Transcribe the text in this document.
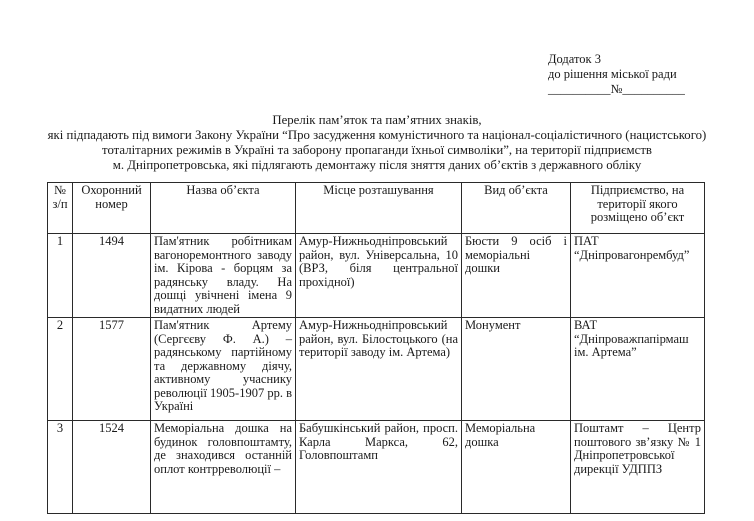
Додаток 3
до рішення міської ради
__________№__________
Перелік пам’яток та пам’ятних знаків,
які підпадають під вимоги Закону України “Про засудження комуністичного та націонал-соціалістичного (нацистського)
тоталітарних режимів в Україні та заборону пропаганди їхньої символіки”, на території підприємств
м. Дніпропетровська, які підлягають демонтажу після зняття даних об’єктів з державного обліку
№ з/п	Охоронний номер	Назва об’єкта	Місце розташування	Вид об’єкта	Підприємство, на території якого розміщено об’єкт
1	1494	Пам'ятник робітникам вагоноремонтного заводу ім. Кірова - борцям за радянську владу. На дошці увічнені імена 9 видатних людей	Амур-Нижньодніпровський район, вул. Універсальна, 10 (ВРЗ, біля центральної прохідної)	Бюсти 9 осіб і меморіальні дошки	ПАТ “Дніпровагонрембуд”
2	1577	Пам'ятник Артему (Сергєєву Ф. А.) – радянському партійному та державному діячу, активному учаснику революції 1905-1907 рр. в Україні	Амур-Нижньодніпровський район, вул. Білостоцького (на території заводу ім. Артема)	Монумент	ВАТ “Дніпроважпапірмаш ім. Артема”
3	1524	Меморіальна дошка на будинок головпоштамту, де знаходився останній оплот контрреволюції –	Бабушкінський район, просп. Карла Маркса, 62, Головпоштамп	Меморіальна дошка	Поштамт – Центр поштового зв’язку № 1 Дніпропетровської дирекції УДППЗ
